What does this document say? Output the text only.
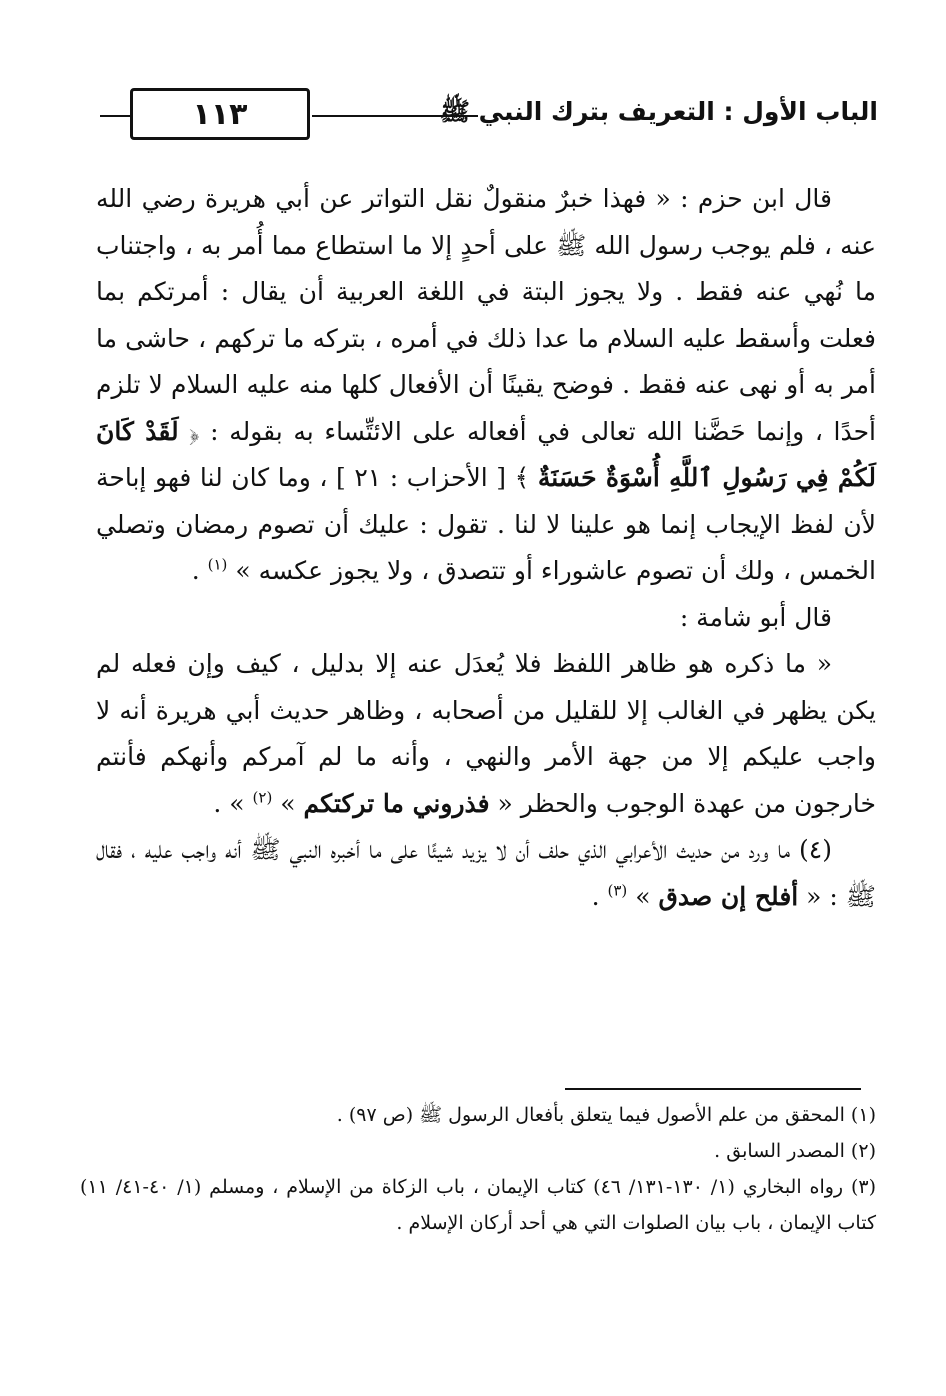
الباب الأول : التعريف بترك النبي ﷺ
١١٣

قال ابن حزم : « فهذا خبرٌ منقولٌ نقل التواتر عن أبي هريرة رضي الله عنه ، فلم يوجب رسول الله ﷺ على أحدٍ إلا ما استطاع مما أُمر به ، واجتناب ما نُهي عنه فقط . ولا يجوز البتة في اللغة العربية أن يقال : أمرتكم بما فعلت وأسقط عليه السلام ما عدا ذلك في أمره ، بتركه ما تركهم ، حاشى ما أمر به أو نهى عنه فقط . فوضح يقينًا أن الأفعال كلها منه عليه السلام لا تلزم أحدًا ، وإنما حَضَّنا الله تعالى في أفعاله على الائتِّساء به بقوله : ﴿ لَقَدْ كَانَ لَكُمْ فِي رَسُولِ ٱللَّهِ أُسْوَةٌ حَسَنَةٌ ﴾ [ الأحزاب : ٢١ ] ، وما كان لنا فهو إباحة لأن لفظ الإيجاب إنما هو علينا لا لنا . تقول : عليك أن تصوم رمضان وتصلي الخمس ، ولك أن تصوم عاشوراء أو تتصدق ، ولا يجوز عكسه » $^{(١)}$ .

قال أبو شامة :

« ما ذكره هو ظاهر اللفظ فلا يُعدَل عنه إلا بدليل ، كيف وإن فعله لم يكن يظهر في الغالب إلا للقليل من أصحابه ، وظاهر حديث أبي هريرة أنه لا واجب عليكم إلا من جهة الأمر والنهي ، وأنه ما لم آمركم وأنهكم فأنتم خارجون من عهدة الوجوب والحظر « فذروني ما تركتكم » $^{(٢)}$ » .

(٤) ما ورد من حديث الأعرابي الذي حلف أن لا يزيد شيئًا على ما أخبره النبي ﷺ أنه واجب عليه ، فقال ﷺ : « أفلح إن صدق » $^{(٣)}$ .

(١) المحقق من علم الأصول فيما يتعلق بأفعال الرسول ﷺ (ص ٩٧) .

(٢) المصدر السابق .

(٣) رواه البخاري (١/ ١٣٠-١٣١/ ٤٦) كتاب الإيمان ، باب الزكاة من الإسلام ، ومسلم (١/ ٤٠-٤١/ ١١) كتاب الإيمان ، باب بيان الصلوات التي هي أحد أركان الإسلام .
